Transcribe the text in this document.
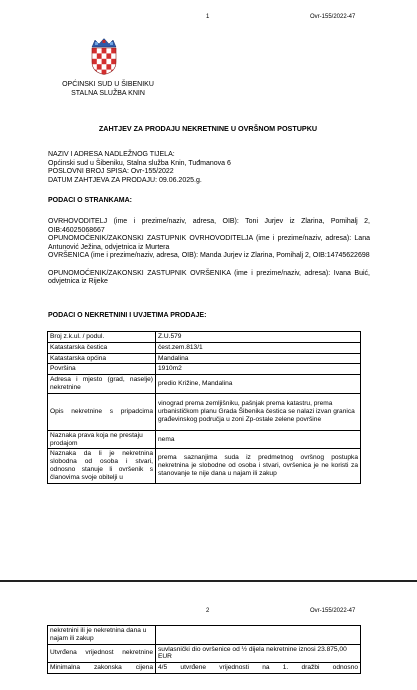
1	Ovr-155/2022-47
OPĆINSKI SUD U ŠIBENIKU
STALNA SLUŽBA KNIN
ZAHTJEV ZA PRODAJU NEKRETNINE U OVRŠNOM POSTUPKU
NAZIV I ADRESA NADLEŽNOG TIJELA:
Općinski sud u Šibeniku, Stalna služba Knin, Tuđmanova 6
POSLOVNI BROJ SPISA: Ovr-155/2022
DATUM ZAHTJEVA ZA PRODAJU: 09.06.2025.g.
PODACI O STRANKAMA:
OVRHOVODITELJ (ime i prezime/naziv, adresa, OIB): Toni Jurjev iz Zlarina, Pomihalj 2, OIB:46025068667
OPUNOMOĆENIK/ZAKONSKI ZASTUPNIK OVRHOVODITELJA (ime i prezime/naziv, adresa): Lana Antunović Ježina, odvjetnica iz Murtera
OVRŠENICA (ime i prezime/naziv, adresa, OIB): Manda Jurjev iz Zlarina, Pomihalj 2, OIB:14745622698
OPUNOMOĆENIK/ZAKONSKI ZASTUPNIK OVRŠENIKA (ime i prezime/naziv, adresa): Ivana Buić, odvjetnica iz Rijeke
PODACI O NEKRETNINI I UVJETIMA PRODAJE:
Broj z.k.ul. / podul.	Z.U.579
Katastarska čestica	čest.zem.813/1
Katastarska općina	Mandalina
Površina	1910m2
Adresa i mjesto (grad, naselje) nekretnine	predio Križine, Mandalina
Opis nekretnine s pripadcima	vinograd prema zemljišniku, pašnjak prema katastru, prema urbanističkom planu Grada Šibenika čestica se nalazi izvan granica građevinskog područja u zoni Zp-ostale zelene površine
Naznaka prava koja ne prestaju prodajom	nema
Naznaka da li je nekretnina slobodna od osoba i stvari, odnosno stanuje li ovršenik s članovima svoje obitelji u	prema saznanjima suda iz predmetnog ovršnog postupka nekretnina je slobodne od osoba i stvari, ovršenica je ne koristi za stanovanje te nije dana u najam ili zakup
2	Ovr-155/2022-47
nekretnini ili je nekretnina dana u najam ili zakup	
Utvrđena vrijednost nekretnine	suvlasnički dio ovršenice od ½ dijela nekretnine iznosi 23.875,00 EUR
Minimalna zakonska cijena	4/5 utvrđene vrijednosti na 1. dražbi odnosno
